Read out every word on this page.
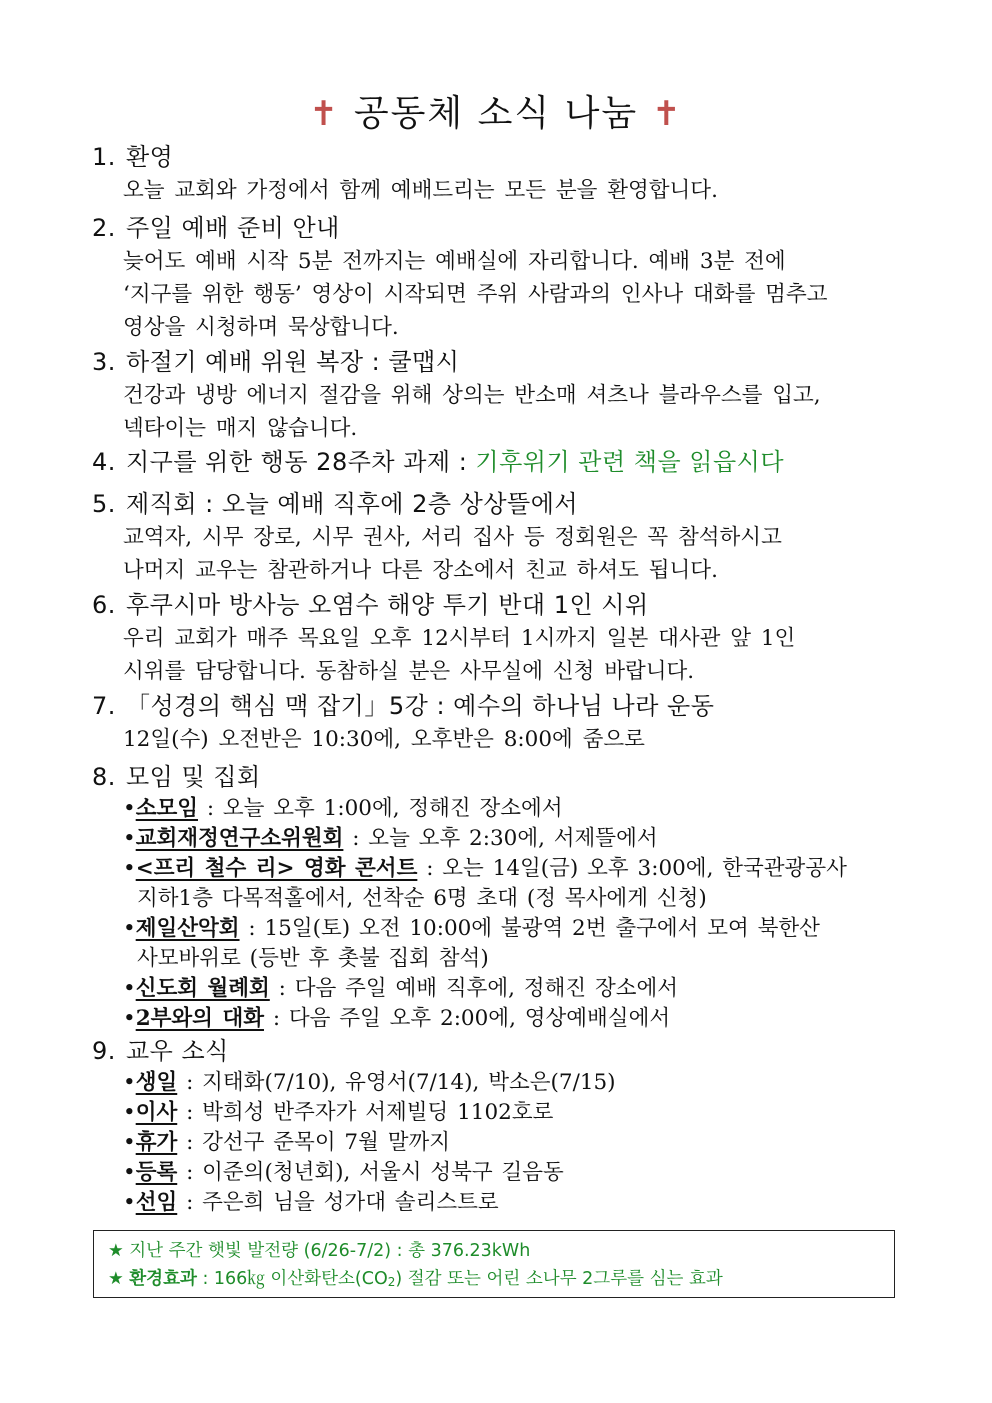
✝ 공동체 소식 나눔 ✝
1. 환영
오늘 교회와 가정에서 함께 예배드리는 모든 분을 환영합니다.
2. 주일 예배 준비 안내
늦어도 예배 시작 5분 전까지는 예배실에 자리합니다. 예배 3분 전에
‘지구를 위한 행동’ 영상이 시작되면 주위 사람과의 인사나 대화를 멈추고
영상을 시청하며 묵상합니다.
3. 하절기 예배 위원 복장 : 쿨맵시
건강과 냉방 에너지 절감을 위해 상의는 반소매 셔츠나 블라우스를 입고,
넥타이는 매지 않습니다.
4. 지구를 위한 행동 28주차 과제 : 기후위기 관련 책을 읽읍시다
5. 제직회 : 오늘 예배 직후에 2층 상상뜰에서
교역자, 시무 장로, 시무 권사, 서리 집사 등 정회원은 꼭 참석하시고
나머지 교우는 참관하거나 다른 장소에서 친교 하셔도 됩니다.
6. 후쿠시마 방사능 오염수 해양 투기 반대 1인 시위
우리 교회가 매주 목요일 오후 12시부터 1시까지 일본 대사관 앞 1인
시위를 담당합니다. 동참하실 분은 사무실에 신청 바랍니다.
7. 「성경의 핵심 맥 잡기」5강 : 예수의 하나님 나라 운동
12일(수) 오전반은 10:30에, 오후반은 8:00에 줌으로
8. 모임 및 집회
•소모임 : 오늘 오후 1:00에, 정해진 장소에서
•교회재정연구소위원회 : 오늘 오후 2:30에, 서제뜰에서
•<프리 철수 리> 영화 콘서트 : 오는 14일(금) 오후 3:00에, 한국관광공사
지하1층 다목적홀에서, 선착순 6명 초대 (정 목사에게 신청)
•제일산악회 : 15일(토) 오전 10:00에 불광역 2번 출구에서 모여 북한산
사모바위로 (등반 후 촛불 집회 참석)
•신도회 월례회 : 다음 주일 예배 직후에, 정해진 장소에서
•2부와의 대화 : 다음 주일 오후 2:00에, 영상예배실에서
9. 교우 소식
•생일 : 지태화(7/10), 유영서(7/14), 박소은(7/15)
•이사 : 박희성 반주자가 서제빌딩 1102호로
•휴가 : 강선구 준목이 7월 말까지
•등록 : 이준의(청년회), 서울시 성북구 길음동
•선임 : 주은희 님을 성가대 솔리스트로
★ 지난 주간 햇빛 발전량 (6/26-7/2) : 총 376.23kWh
★ 환경효과 : 166㎏ 이산화탄소(CO2) 절감 또는 어린 소나무 2그루를 심는 효과
